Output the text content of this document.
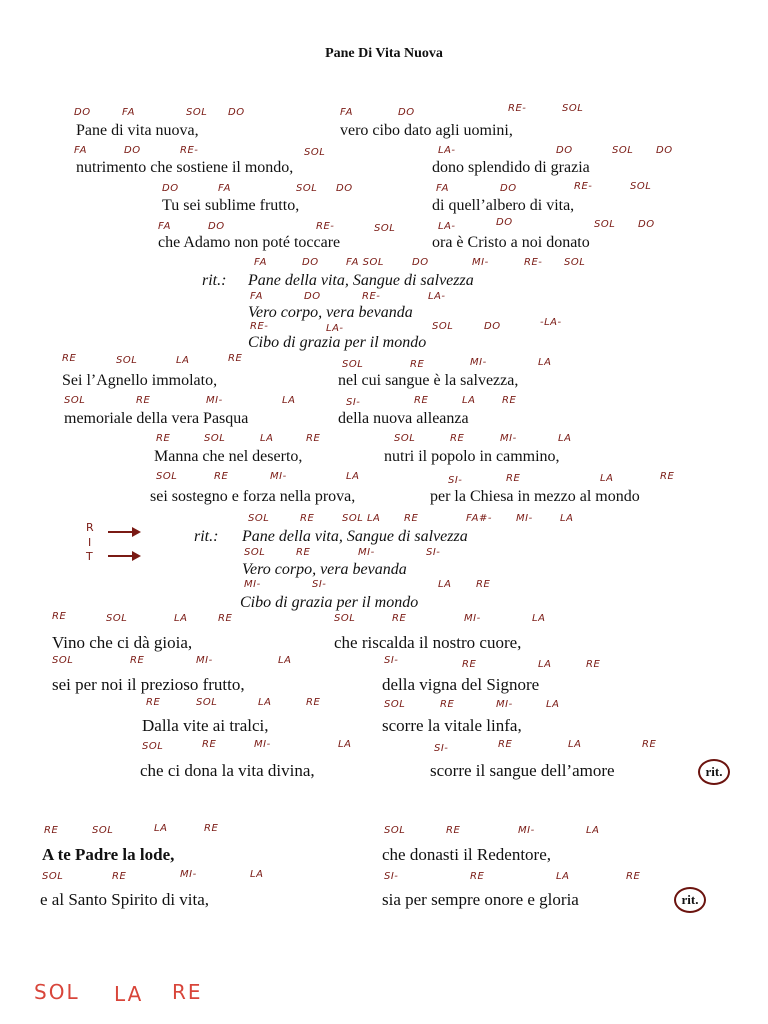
Pane Di Vita Nuova
DO	FA	SOL DO	FA	DO	RE-	SOL
Pane di vita nuova,	vero cibo dato agli uomini,
FA	DO	RE-	SOL	LA-	DO	SOL DO
nutrimento che sostiene il mondo,	dono splendido di grazia
DO	FA	SOL DO	FA	DO	RE-	SOL
Tu sei sublime frutto,	di quell’albero di vita,
FA	DO	RE-	SOL	LA-	DO	SOL DO
che Adamo non poté toccare	ora è Cristo a noi donato
FA	DO	FA SOL	DO	MI-	RE- SOL
rit.: Pane della vita, Sangue di salvezza
FA	DO	RE-	LA-
Vero corpo, vera bevanda
RE-	LA-	SOL	DO	-LA-
Cibo di grazia per il mondo
RE	SOL	LA	RE
SOL	RE	MI-	LA
Sei l’Agnello immolato,	nel cui sangue è la salvezza,
SOL	RE	MI-	LA	SI-	RE	LA	RE
memoriale della vera Pasqua	della nuova alleanza
RE	SOL	LA	RE	SOL	RE	MI-	LA
Manna che nel deserto,	nutri il popolo in cammino,
SOL	RE	MI-	LA	SI-	RE	LA	RE
sei sostegno e forza nella prova,	per la Chiesa in mezzo al mondo
R
I
T
SOL	RE	SOL LA RE	FA#- MI-	LA
rit.: Pane della vita, Sangue di salvezza
SOL	RE	MI-	SI-
Vero corpo, vera bevanda
MI-	SI-	LA RE
Cibo di grazia per il mondo
RE	SOL	LA	RE	SOL	RE	MI-	LA
Vino che ci dà gioia,	che riscalda il nostro cuore,
SOL	RE	MI-	LA	SI-	RE	LA	RE
sei per noi il prezioso frutto,	della vigna del Signore
RE	SOL	LA	RE	SOL	RE	MI-	LA
Dalla vite ai tralci,	scorre la vitale linfa,
SOL	RE	MI-	LA	SI-	RE	LA	RE
che ci dona la vita divina,	scorre il sangue dell’amore	rit.
RE	SOL	LA	RE	SOL	RE	MI-	LA
A te Padre la lode,	che donasti il Redentore,
SOL	RE	MI-	LA	SI-	RE	LA	RE
e al Santo Spirito di vita,	sia per sempre onore e gloria	rit.
SOL LA RE
